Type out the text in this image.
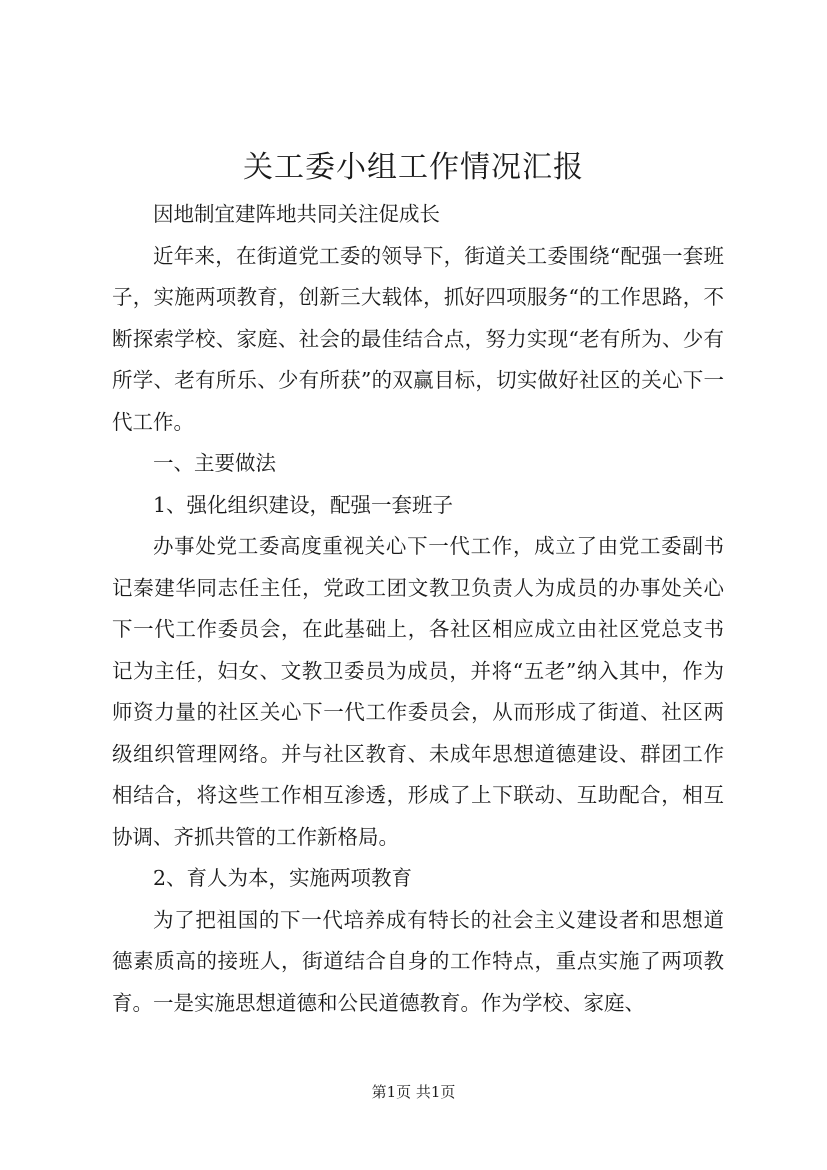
关工委小组工作情况汇报

因地制宜建阵地共同关注促成长

近年来，在街道党工委的领导下，街道关工委围绕“配强一套班子，实施两项教育，创新三大载体，抓好四项服务“的工作思路，不断探索学校、家庭、社会的最佳结合点，努力实现“老有所为、少有所学、老有所乐、少有所获”的双赢目标，切实做好社区的关心下一代工作。

一、主要做法

1、强化组织建设，配强一套班子

办事处党工委高度重视关心下一代工作，成立了由党工委副书记秦建华同志任主任，党政工团文教卫负责人为成员的办事处关心下一代工作委员会，在此基础上，各社区相应成立由社区党总支书记为主任，妇女、文教卫委员为成员，并将“五老”纳入其中，作为师资力量的社区关心下一代工作委员会，从而形成了街道、社区两级组织管理网络。并与社区教育、未成年思想道德建设、群团工作相结合，将这些工作相互渗透，形成了上下联动、互助配合，相互协调、齐抓共管的工作新格局。

2、育人为本，实施两项教育

为了把祖国的下一代培养成有特长的社会主义建设者和思想道德素质高的接班人，街道结合自身的工作特点，重点实施了两项教育。一是实施思想道德和公民道德教育。作为学校、家庭、

第1页 共1页
